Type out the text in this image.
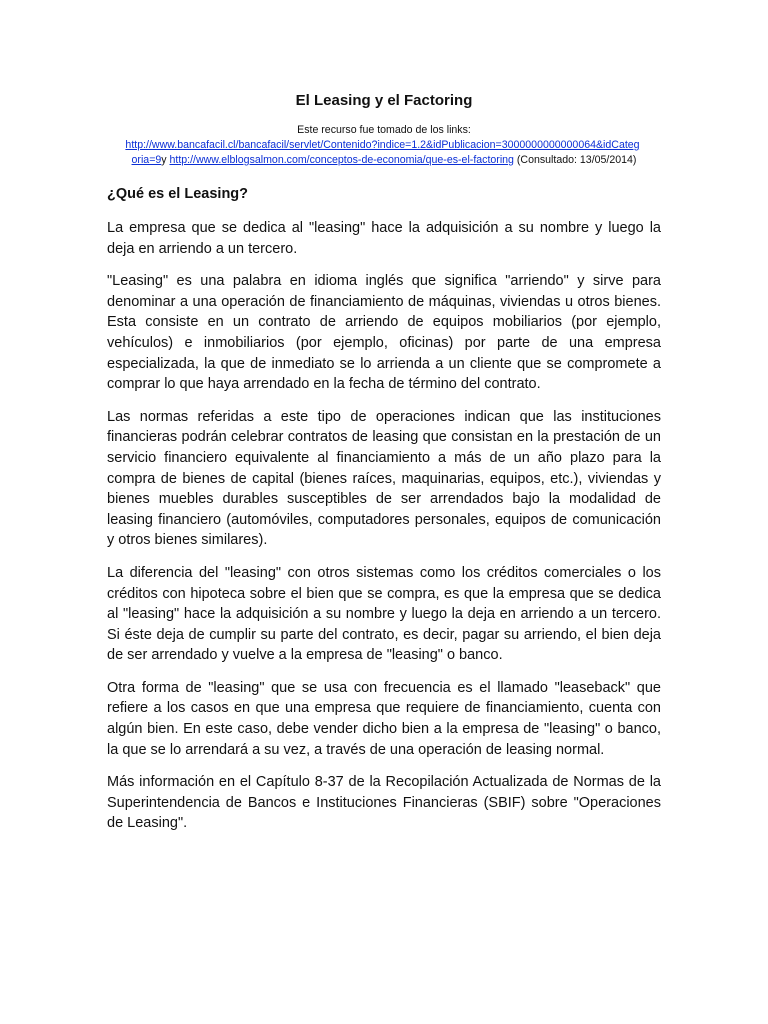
El Leasing y el Factoring

Este recurso fue tomado de los links:
http://www.bancafacil.cl/bancafacil/servlet/Contenido?indice=1.2&idPublicacion=3000000000000064&idCateg
oria=9 y http://www.elblogsalmon.com/conceptos-de-economia/que-es-el-factoring (Consultado: 13/05/2014)

¿Qué es el Leasing?

La empresa que se dedica al "leasing" hace la adquisición a su nombre y luego la deja en arriendo a un tercero.

"Leasing" es una palabra en idioma inglés que significa "arriendo" y sirve para denominar a una operación de financiamiento de máquinas, viviendas u otros bienes. Esta consiste en un contrato de arriendo de equipos mobiliarios (por ejemplo, vehículos) e inmobiliarios (por ejemplo, oficinas) por parte de una empresa especializada, la que de inmediato se lo arrienda a un cliente que se compromete a comprar lo que haya arrendado en la fecha de término del contrato.

Las normas referidas a este tipo de operaciones indican que las instituciones financieras podrán celebrar contratos de leasing que consistan en la prestación de un servicio financiero equivalente al financiamiento a más de un año plazo para la compra de bienes de capital (bienes raíces, maquinarias, equipos, etc.), viviendas y bienes muebles durables susceptibles de ser arrendados bajo la modalidad de leasing financiero (automóviles, computadores personales, equipos de comunicación y otros bienes similares).

La diferencia del "leasing" con otros sistemas como los créditos comerciales o los créditos con hipoteca sobre el bien que se compra, es que la empresa que se dedica al "leasing" hace la adquisición a su nombre y luego la deja en arriendo a un tercero. Si éste deja de cumplir su parte del contrato, es decir, pagar su arriendo, el bien deja de ser arrendado y vuelve a la empresa de "leasing" o banco.

Otra forma de "leasing" que se usa con frecuencia es el llamado "leaseback" que refiere a los casos en que una empresa que requiere de financiamiento, cuenta con algún bien. En este caso, debe vender dicho bien a la empresa de "leasing" o banco, la que se lo arrendará a su vez, a través de una operación de leasing normal.

Más información en el Capítulo 8-37 de la Recopilación Actualizada de Normas de la Superintendencia de Bancos e Instituciones Financieras (SBIF) sobre "Operaciones de Leasing".
